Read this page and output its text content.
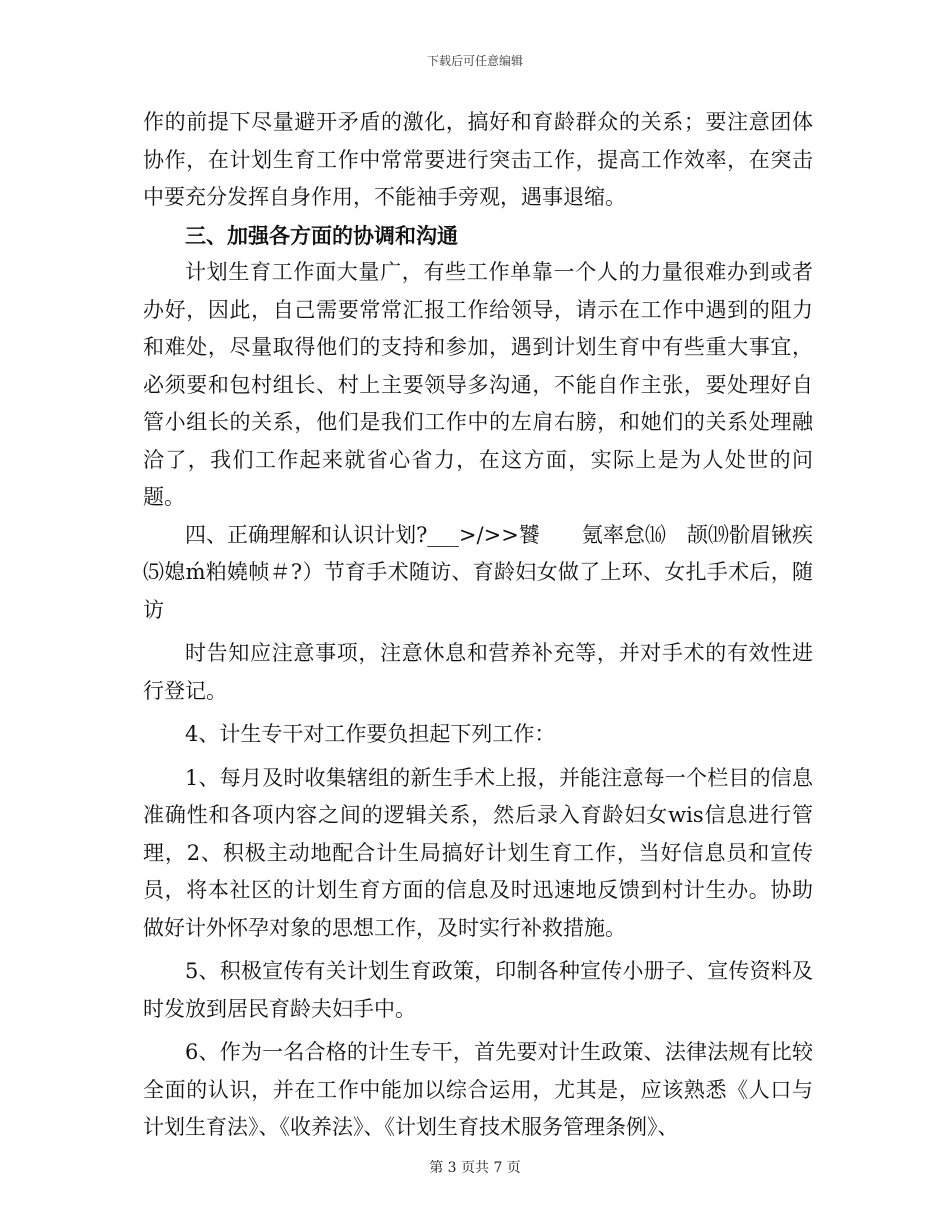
下载后可任意编辑

作的前提下尽量避开矛盾的激化，搞好和育龄群众的关系；要注意团体协作，在计划生育工作中常常要进行突击工作，提高工作效率，在突击中要充分发挥自身作用，不能袖手旁观，遇事退缩。

三、加强各方面的协调和沟通

计划生育工作面大量广，有些工作单靠一个人的力量很难办到或者办好，因此，自己需要常常汇报工作给领导，请示在工作中遇到的阻力和难处，尽量取得他们的支持和参加，遇到计划生育中有些重大事宜，必须要和包村组长、村上主要领导多沟通，不能自作主张，要处理好自管小组长的关系，他们是我们工作中的左肩右膀，和她们的关系处理融洽了，我们工作起来就省心省力，在这方面，实际上是为人处世的问题。

四、正确理解和认识计划?___>/>>饕　　氪率怠⒃　颉⒆骱眉锹疾⑸媳ḿ粕嬈帧＃?）节育手术随访、育龄妇女做了上环、女扎手术后，随访

时告知应注意事项，注意休息和营养补充等，并对手术的有效性进行登记。

4、计生专干对工作要负担起下列工作：

1、每月及时收集辖组的新生手术上报，并能注意每一个栏目的信息准确性和各项内容之间的逻辑关系，然后录入育龄妇女wis信息进行管理，2、积极主动地配合计生局搞好计划生育工作，当好信息员和宣传员，将本社区的计划生育方面的信息及时迅速地反馈到村计生办。协助做好计外怀孕对象的思想工作，及时实行补救措施。

5、积极宣传有关计划生育政策，印制各种宣传小册子、宣传资料及时发放到居民育龄夫妇手中。

6、作为一名合格的计生专干，首先要对计生政策、法律法规有比较全面的认识，并在工作中能加以综合运用，尤其是，应该熟悉《人口与计划生育法》、《收养法》、《计划生育技术服务管理条例》、

第 3 页共 7 页
